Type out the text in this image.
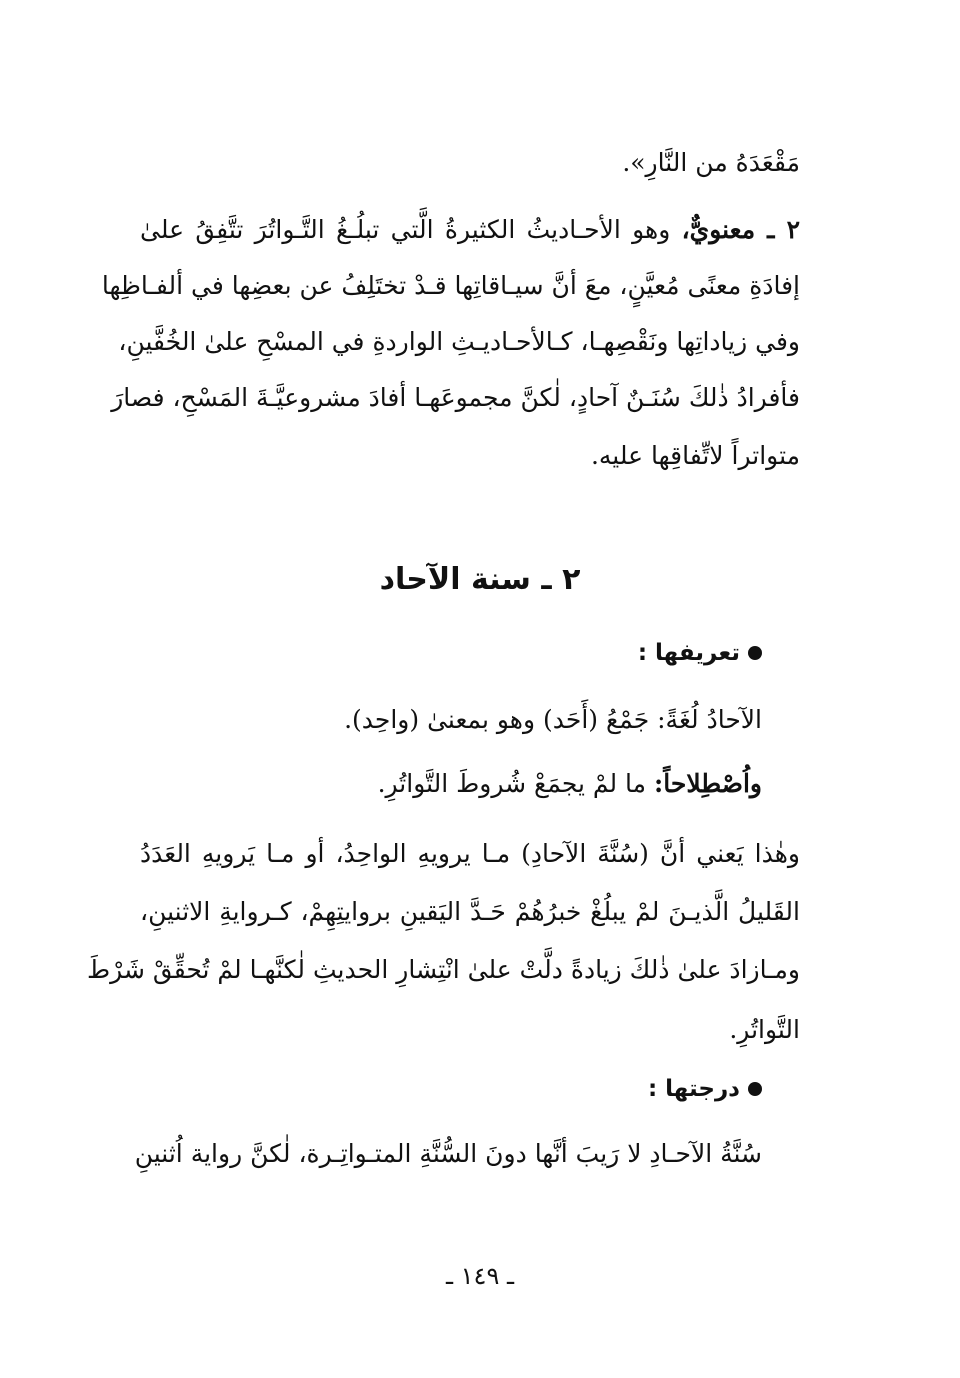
مَقْعَدَهُ من النَّارِ».
٢ ـ معنويٌّ، وهو الأحـاديثُ الكثيرةُ الَّتي تبلُـغُ التَّـواتُرَ تتَّفِقُ علىٰ
إفادَةِ معنًى مُعيَّنٍ، معَ أنَّ سيـاقاتِها قـدْ تختَلِفُ عن بعضِها في ألفـاظِها
وفي زياداتِها ونَقْصِهـا، كـالأحـاديـثِ الواردةِ في المسْحِ علىٰ الخُفَّينِ،
فأفرادُ ذٰلكَ سُنَـنٌ آحادٍ، لٰكنَّ مجموعَهـا أفادَ مشروعيَّـةَ المَسْحِ، فصارَ
متواتراً لاتِّفاقِها عليه.
٢ ـ سنة الآحاد
تعريفها :
الآحادُ لُغَةً: جَمْعُ (أَحَد) وهو بمعنىٰ (واحِد).
واُصْطِلاحاً: ما لمْ يجمَعْ شُروطَ التَّواتُرِ.
وهٰذا يَعني أنَّ (سُنَّةَ الآحادِ) مـا يرويهِ الواحِدُ، أو مـا يَرويهِ العَدَدُ
القَليلُ الَّذيـنَ لمْ يبلُغْ خبرُهُمْ حَـدَّ اليَقينِ بروايتِهِمْ، كـروايةِ الاثنينِ،
ومـازادَ علىٰ ذٰلكَ زيادةً دلَّتْ علىٰ انْتِشارِ الحديثِ لٰكنَّهـا لمْ تُحقِّقْ شَرْطَ
التَّواتُرِ.
درجتها :
سُنَّةُ الآحـادِ لا رَيبَ أنَّها دونَ السُّنَّةِ المتـواتِـرة، لٰكنَّ رواية اُثنينِ
ـ ١٤٩ ـ
